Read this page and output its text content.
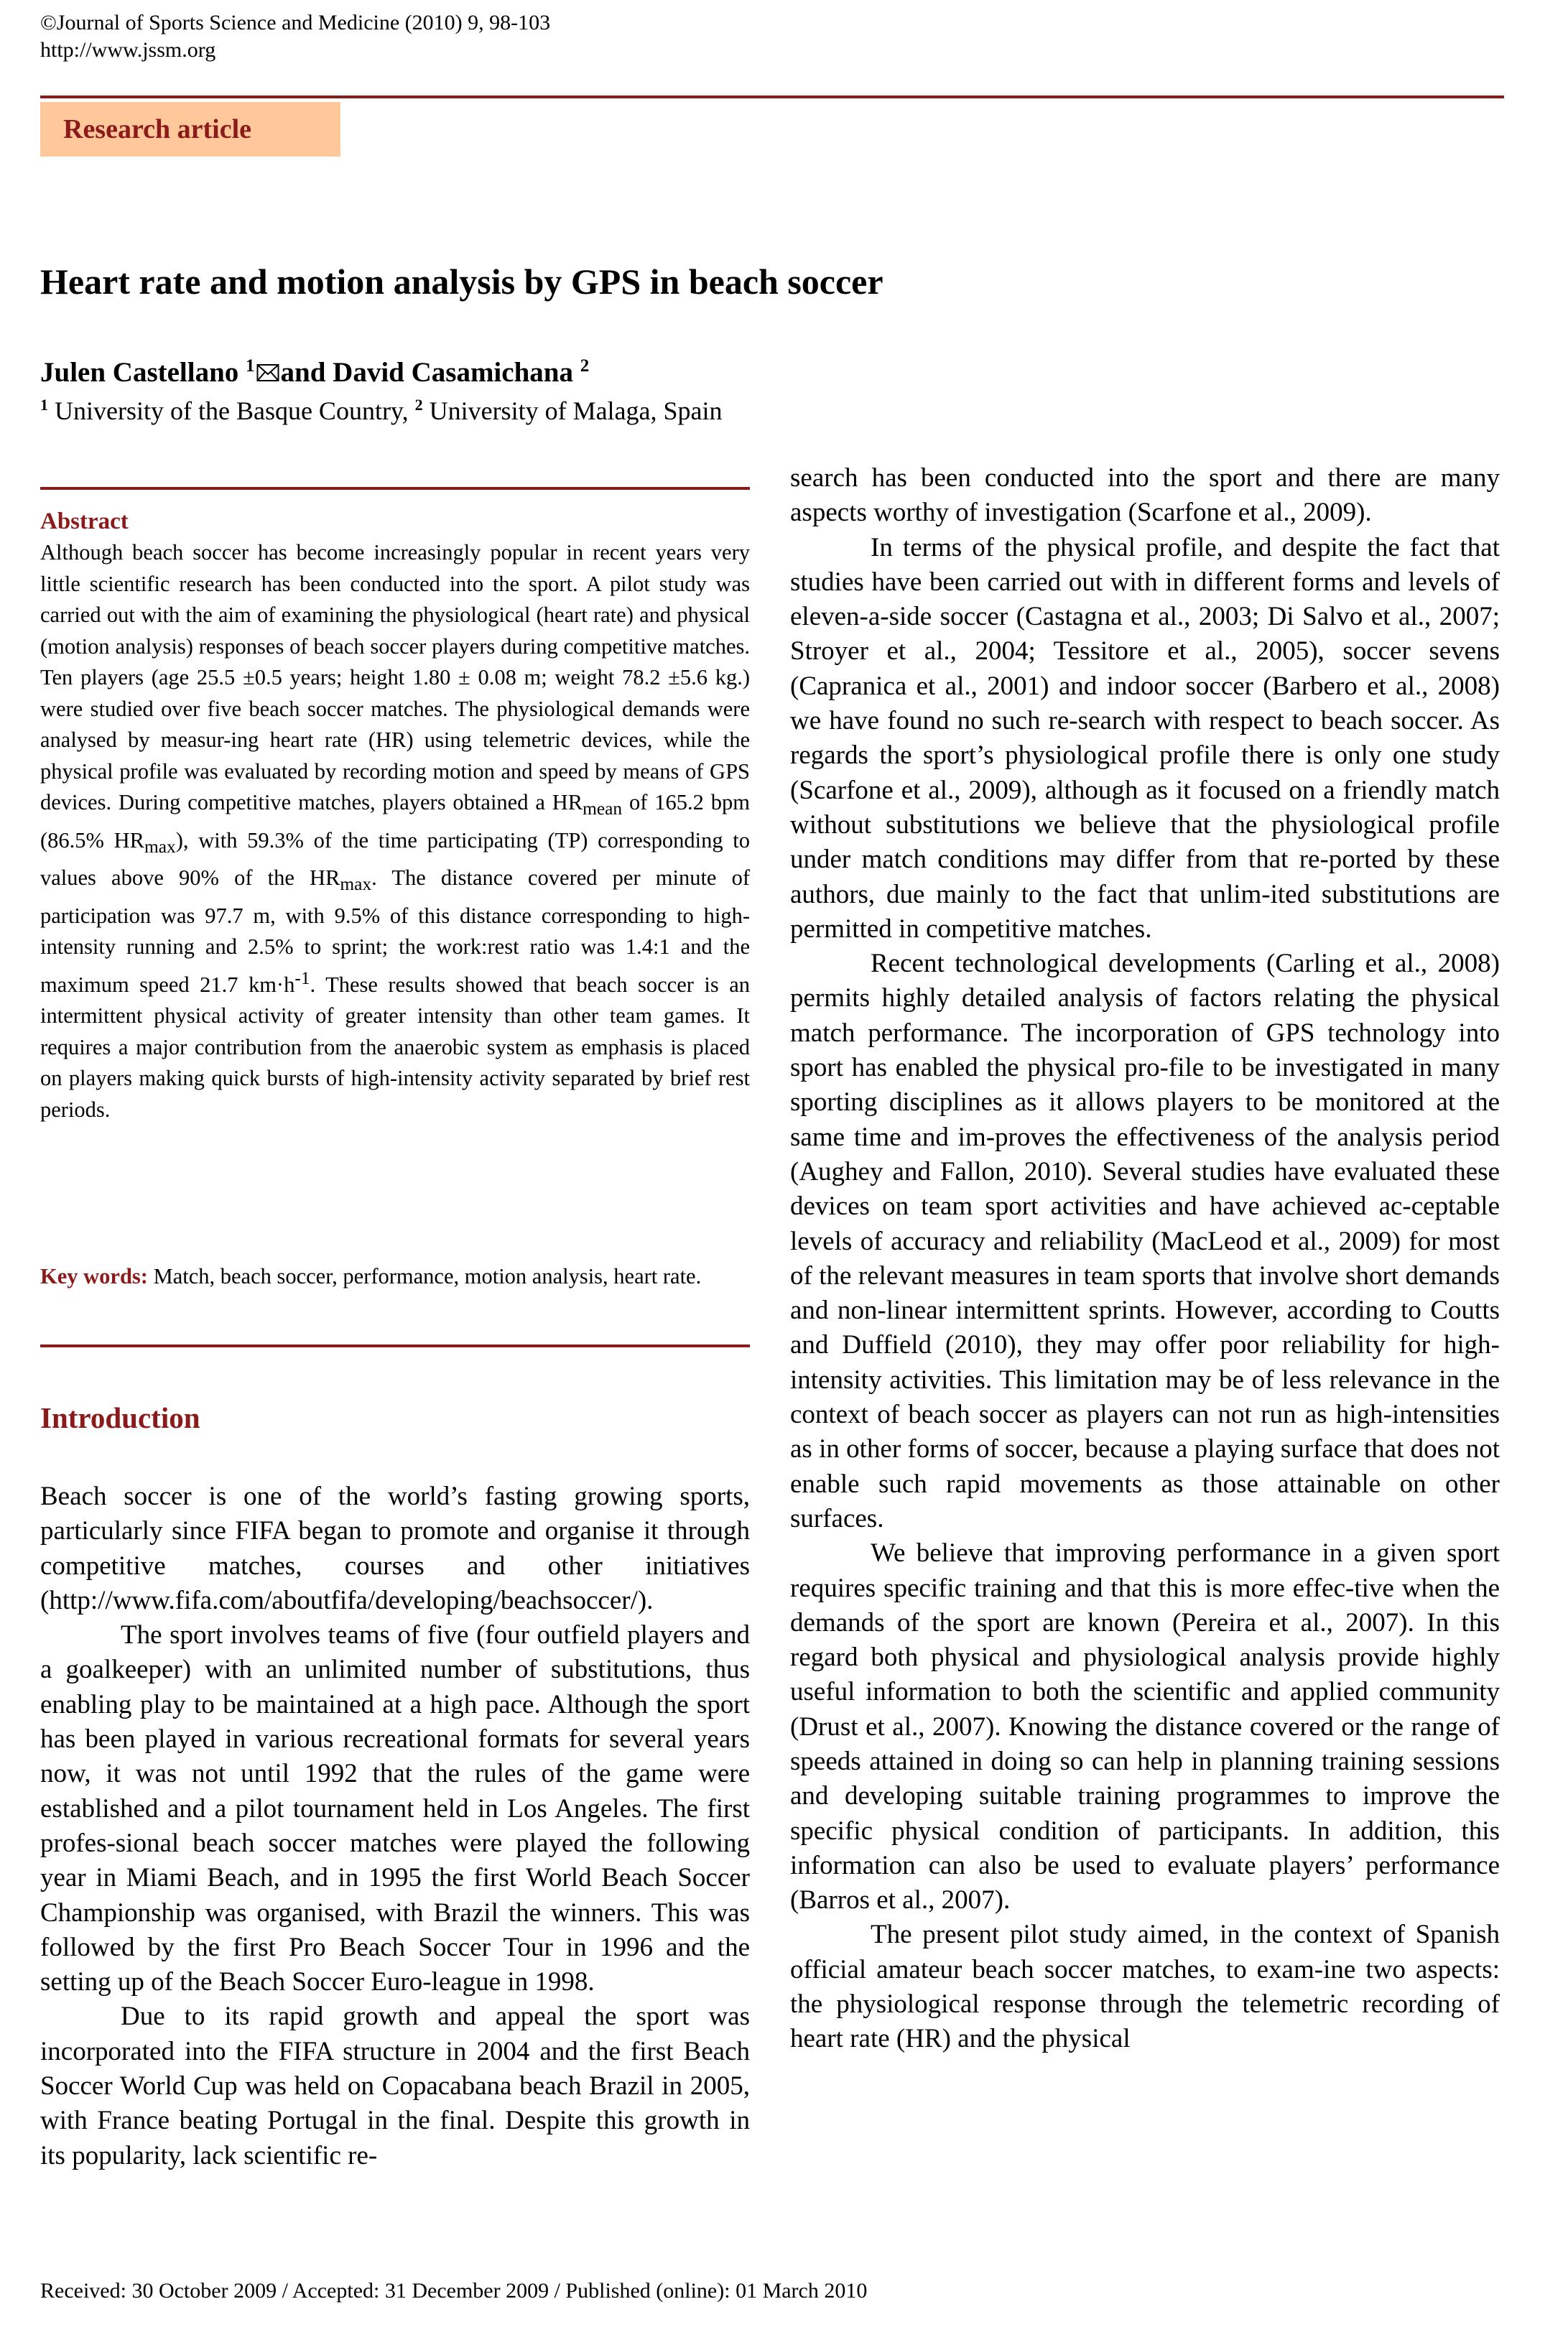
©Journal of Sports Science and Medicine (2010) 9, 98-103
http://www.jssm.org
Research article
Heart rate and motion analysis by GPS in beach soccer
Julen Castellano $^1$ and David Casamichana $^2$
$^1$ University of the Basque Country, $^2$ University of Malaga, Spain
Abstract
Although beach soccer has become increasingly popular in recent years very little scientific research has been conducted into the sport. A pilot study was carried out with the aim of examining the physiological (heart rate) and physical (motion analysis) responses of beach soccer players during competitive matches. Ten players (age 25.5 ±0.5 years; height 1.80 ± 0.08 m; weight 78.2 ±5.6 kg.) were studied over five beach soccer matches. The physiological demands were analysed by measur-ing heart rate (HR) using telemetric devices, while the physical profile was evaluated by recording motion and speed by means of GPS devices. During competitive matches, players obtained a $HR_{mean}$ of 165.2 bpm (86.5% $HR_{max}$), with 59.3% of the time participating (TP) corresponding to values above 90% of the $HR_{max}$. The distance covered per minute of participation was 97.7 m, with 9.5% of this distance corresponding to high-intensity running and 2.5% to sprint; the work:rest ratio was 1.4:1 and the maximum speed 21.7 $km\cdot h^{-1}$. These results showed that beach soccer is an intermittent physical activity of greater intensity than other team games. It requires a major contribution from the anaerobic system as emphasis is placed on players making quick bursts of high-intensity activity separated by brief rest periods.
Key words: Match, beach soccer, performance, motion analysis, heart rate.
Introduction

Beach soccer is one of the world’s fasting growing sports, particularly since FIFA began to promote and organise it through competitive matches, courses and other initiatives (http://www.fifa.com/aboutfifa/developing/beachsoccer/).

The sport involves teams of five (four outfield players and a goalkeeper) with an unlimited number of substitutions, thus enabling play to be maintained at a high pace. Although the sport has been played in various recreational formats for several years now, it was not until 1992 that the rules of the game were established and a pilot tournament held in Los Angeles. The first profes-sional beach soccer matches were played the following year in Miami Beach, and in 1995 the first World Beach Soccer Championship was organised, with Brazil the winners. This was followed by the first Pro Beach Soccer Tour in 1996 and the setting up of the Beach Soccer Euro-league in 1998.

Due to its rapid growth and appeal the sport was incorporated into the FIFA structure in 2004 and the first Beach Soccer World Cup was held on Copacabana beach Brazil in 2005, with France beating Portugal in the final. Despite this growth in its popularity, lack scientific re-

search has been conducted into the sport and there are many aspects worthy of investigation (Scarfone et al., 2009).

In terms of the physical profile, and despite the fact that studies have been carried out with in different forms and levels of eleven-a-side soccer (Castagna et al., 2003; Di Salvo et al., 2007; Stroyer et al., 2004; Tessitore et al., 2005), soccer sevens (Capranica et al., 2001) and indoor soccer (Barbero et al., 2008) we have found no such re-search with respect to beach soccer. As regards the sport’s physiological profile there is only one study (Scarfone et al., 2009), although as it focused on a friendly match without substitutions we believe that the physiological profile under match conditions may differ from that re-ported by these authors, due mainly to the fact that unlim-ited substitutions are permitted in competitive matches.

Recent technological developments (Carling et al., 2008) permits highly detailed analysis of factors relating the physical match performance. The incorporation of GPS technology into sport has enabled the physical pro-file to be investigated in many sporting disciplines as it allows players to be monitored at the same time and im-proves the effectiveness of the analysis period (Aughey and Fallon, 2010). Several studies have evaluated these devices on team sport activities and have achieved ac-ceptable levels of accuracy and reliability (MacLeod et al., 2009) for most of the relevant measures in team sports that involve short demands and non-linear intermittent sprints. However, according to Coutts and Duffield (2010), they may offer poor reliability for high-intensity activities. This limitation may be of less relevance in the context of beach soccer as players can not run as high-intensities as in other forms of soccer, because a playing surface that does not enable such rapid movements as those attainable on other surfaces.

We believe that improving performance in a given sport requires specific training and that this is more effec-tive when the demands of the sport are known (Pereira et al., 2007). In this regard both physical and physiological analysis provide highly useful information to both the scientific and applied community (Drust et al., 2007). Knowing the distance covered or the range of speeds attained in doing so can help in planning training sessions and developing suitable training programmes to improve the specific physical condition of participants. In addition, this information can also be used to evaluate players’ performance (Barros et al., 2007).

The present pilot study aimed, in the context of Spanish official amateur beach soccer matches, to exam-ine two aspects: the physiological response through the telemetric recording of heart rate (HR) and the physical

Received: 30 October 2009 / Accepted: 31 December 2009 / Published (online): 01 March 2010
